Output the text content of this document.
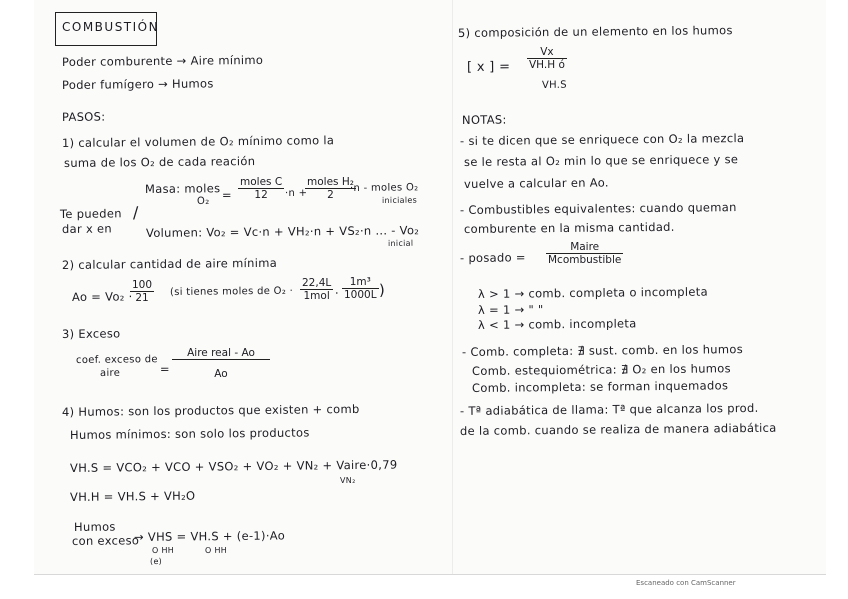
COMBUSTIÓN
Poder comburente → Aire mínimo
Poder fumígero → Humos
PASOS:
1) calcular el volumen de O₂ mínimo como la
suma de los O₂ de cada reación
Masa: moles
O₂ =
moles C
12	·n +
moles H₂
2
·n - moles O₂
iniciales
Te pueden
dar x en
/
Volumen: Vo₂ = Vc·n + VH₂·n + VS₂·n ... - Vo₂
inicial
2) calcular cantidad de aire mínima
Ao = Vo₂ ·
$\frac{100}{21} (si$ tienes moles de O₂ ·
22,4L
$1mol \cdot \frac{\text{1m³}}{1000L}$ )
3) Exceso
coef. exceso de
aire	=
Aire real - Ao
Ao
4) Humos: son los productos que existen + comb
Humos mínimos: son solo los productos
VH.S = VCO₂ + VCO + VSO₂ + VO₂ + VN₂ + Vaire·0,79
VN₂
VH.H = VH.S + VH₂O
Humos
con exceso
→ VHS = VH.S + (e-1)·Ao
O HH
(e)
O HH
5) composición de un elemento en los humos
[ x ] = $\frac{Vx}{\text{VH.H ó}}$
VH.S
NOTAS:
- si te dicen que se enriquece con O₂ la mezcla
se le resta al O₂ min lo que se enriquece y se
vuelve a calcular en Ao.
- Combustibles equivalentes: cuando queman
comburente en la misma cantidad.
- posado =
Maire
Mcombustible
λ > 1 → comb. completa o incompleta
λ = 1 → " "
λ < 1 → comb. incompleta
- Comb. completa: ∄ sust. comb. en los humos
Comb. estequiométrica: ∄ O₂ en los humos
Comb. incompleta: se forman inquemados
- Tª adiabática de llama: Tª que alcanza los prod.
de la comb. cuando se realiza de manera adiabática
Escaneado con CamScanner
